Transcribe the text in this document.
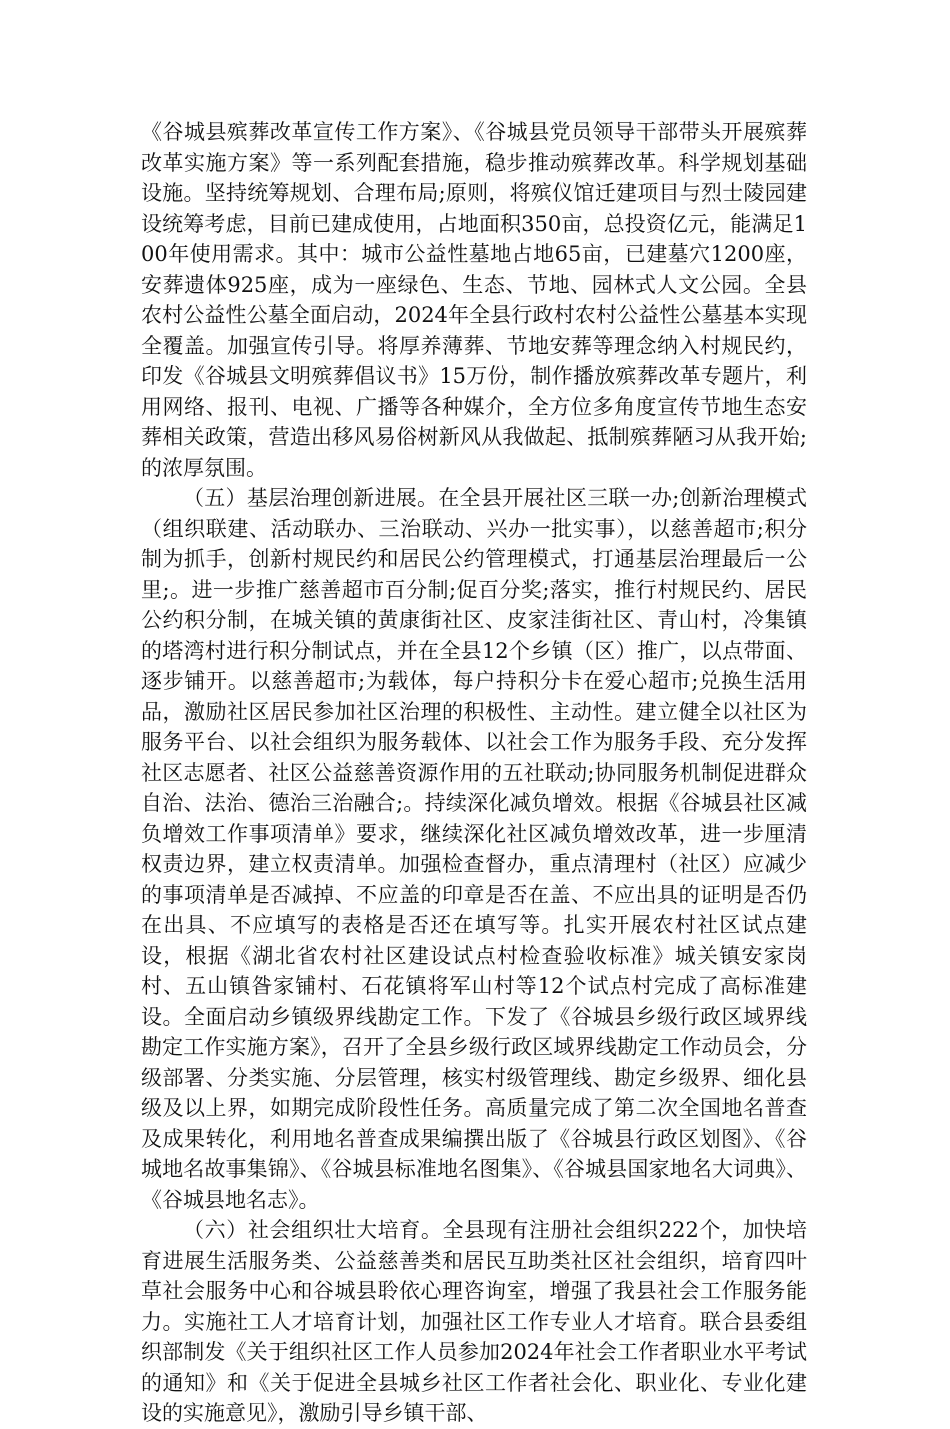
《谷城县殡葬改革宣传工作方案》、《谷城县党员领导干部带头开展殡葬改革实施方案》等一系列配套措施，稳步推动殡葬改革。科学规划基础设施。坚持统筹规划、合理布局;原则，将殡仪馆迁建项目与烈士陵园建设统筹考虑，目前已建成使用，占地面积350亩，总投资亿元，能满足100年使用需求。其中：城市公益性墓地占地65亩，已建墓穴1200座，安葬遗体925座，成为一座绿色、生态、节地、园林式人文公园。全县农村公益性公墓全面启动，2024年全县行政村农村公益性公墓基本实现全覆盖。加强宣传引导。将厚养薄葬、节地安葬等理念纳入村规民约，印发《谷城县文明殡葬倡议书》15万份，制作播放殡葬改革专题片，利用网络、报刊、电视、广播等各种媒介，全方位多角度宣传节地生态安葬相关政策，营造出移风易俗树新风从我做起、抵制殡葬陋习从我开始;的浓厚氛围。

（五）基层治理创新进展。在全县开展社区三联一办;创新治理模式（组织联建、活动联办、三治联动、兴办一批实事），以慈善超市;积分制为抓手，创新村规民约和居民公约管理模式，打通基层治理最后一公里;。进一步推广慈善超市百分制;促百分奖;落实，推行村规民约、居民公约积分制，在城关镇的黄康街社区、皮家洼街社区、青山村，冷集镇的塔湾村进行积分制试点，并在全县12个乡镇（区）推广，以点带面、逐步铺开。以慈善超市;为载体，每户持积分卡在爱心超市;兑换生活用品，激励社区居民参加社区治理的积极性、主动性。建立健全以社区为服务平台、以社会组织为服务载体、以社会工作为服务手段、充分发挥社区志愿者、社区公益慈善资源作用的五社联动;协同服务机制促进群众自治、法治、德治三治融合;。持续深化减负增效。根据《谷城县社区减负增效工作事项清单》要求，继续深化社区减负增效改革，进一步厘清权责边界，建立权责清单。加强检查督办，重点清理村（社区）应减少的事项清单是否减掉、不应盖的印章是否在盖、不应出具的证明是否仍在出具、不应填写的表格是否还在填写等。扎实开展农村社区试点建设，根据《湖北省农村社区建设试点村检查验收标准》城关镇安家岗村、五山镇昝家铺村、石花镇将军山村等12个试点村完成了高标准建设。全面启动乡镇级界线勘定工作。下发了《谷城县乡级行政区域界线勘定工作实施方案》，召开了全县乡级行政区域界线勘定工作动员会，分级部署、分类实施、分层管理，核实村级管理线、勘定乡级界、细化县级及以上界，如期完成阶段性任务。高质量完成了第二次全国地名普查及成果转化，利用地名普查成果编撰出版了《谷城县行政区划图》、《谷城地名故事集锦》、《谷城县标准地名图集》、《谷城县国家地名大词典》、《谷城县地名志》。

（六）社会组织壮大培育。全县现有注册社会组织222个，加快培育进展生活服务类、公益慈善类和居民互助类社区社会组织，培育四叶草社会服务中心和谷城县聆依心理咨询室，增强了我县社会工作服务能力。实施社工人才培育计划，加强社区工作专业人才培育。联合县委组织部制发《关于组织社区工作人员参加2024年社会工作者职业水平考试的通知》和《关于促进全县城乡社区工作者社会化、职业化、专业化建设的实施意见》，激励引导乡镇干部、
